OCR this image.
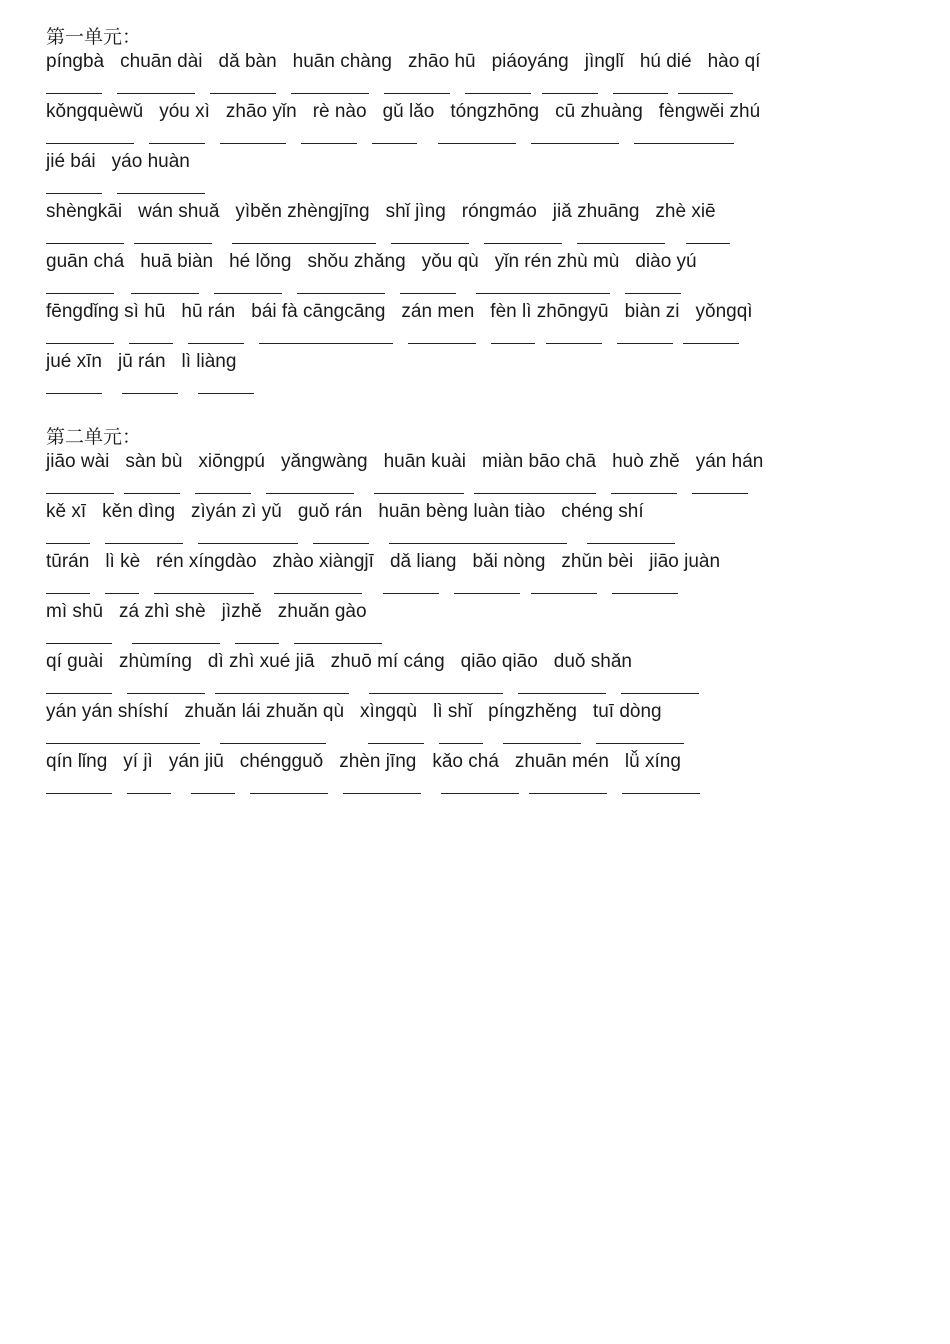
第一单元：
píngbà chuān dài dǎ bàn huān chàng zhāo hū piáoyáng jìnglǐ hú dié hào qí
kǒngquèwǔ yóu xì zhāo yǐn rè nào gǔ lǎo tóngzhōng cū zhuàng fèngwěi zhú
jié bái yáo huàn
shèngkāi wán shuǎ yìběn zhèngjīng shǐ jìng róngmáo jiǎ zhuāng zhè xiē
guān chá huā biàn hé lǒng shǒu zhǎng yǒu qù yǐn rén zhù mù diào yú
fēngdǐng sì hū hū rán bái fà cāngcāng zán men fèn lì zhōngyū biàn zi yǒngqì
jué xīn jū rán lì liàng
第二单元：
jiāo wài sàn bù xiōngpú yǎngwàng huān kuài miàn bāo chā huò zhě yán hán
kě xī kěn dìng zìyán zì yǔ guǒ rán huān bèng luàn tiào chéng shí
tūrán lì kè rén xíngdào zhào xiàngjī dǎ liang bǎi nòng zhǔn bèi jiāo juàn
mì shū zá zhì shè jìzhě zhuǎn gào
qí guài zhùmíng dì zhì xué jiā zhuō mí cáng qiāo qiāo duǒ shǎn
yán yán shíshí zhuǎn lái zhuǎn qù xìngqù lì shǐ píngzhěng tuī dòng
qín lǐng yí jì yán jiū chéngguǒ zhèn jīng kǎo chá zhuān mén lǚ xíng
